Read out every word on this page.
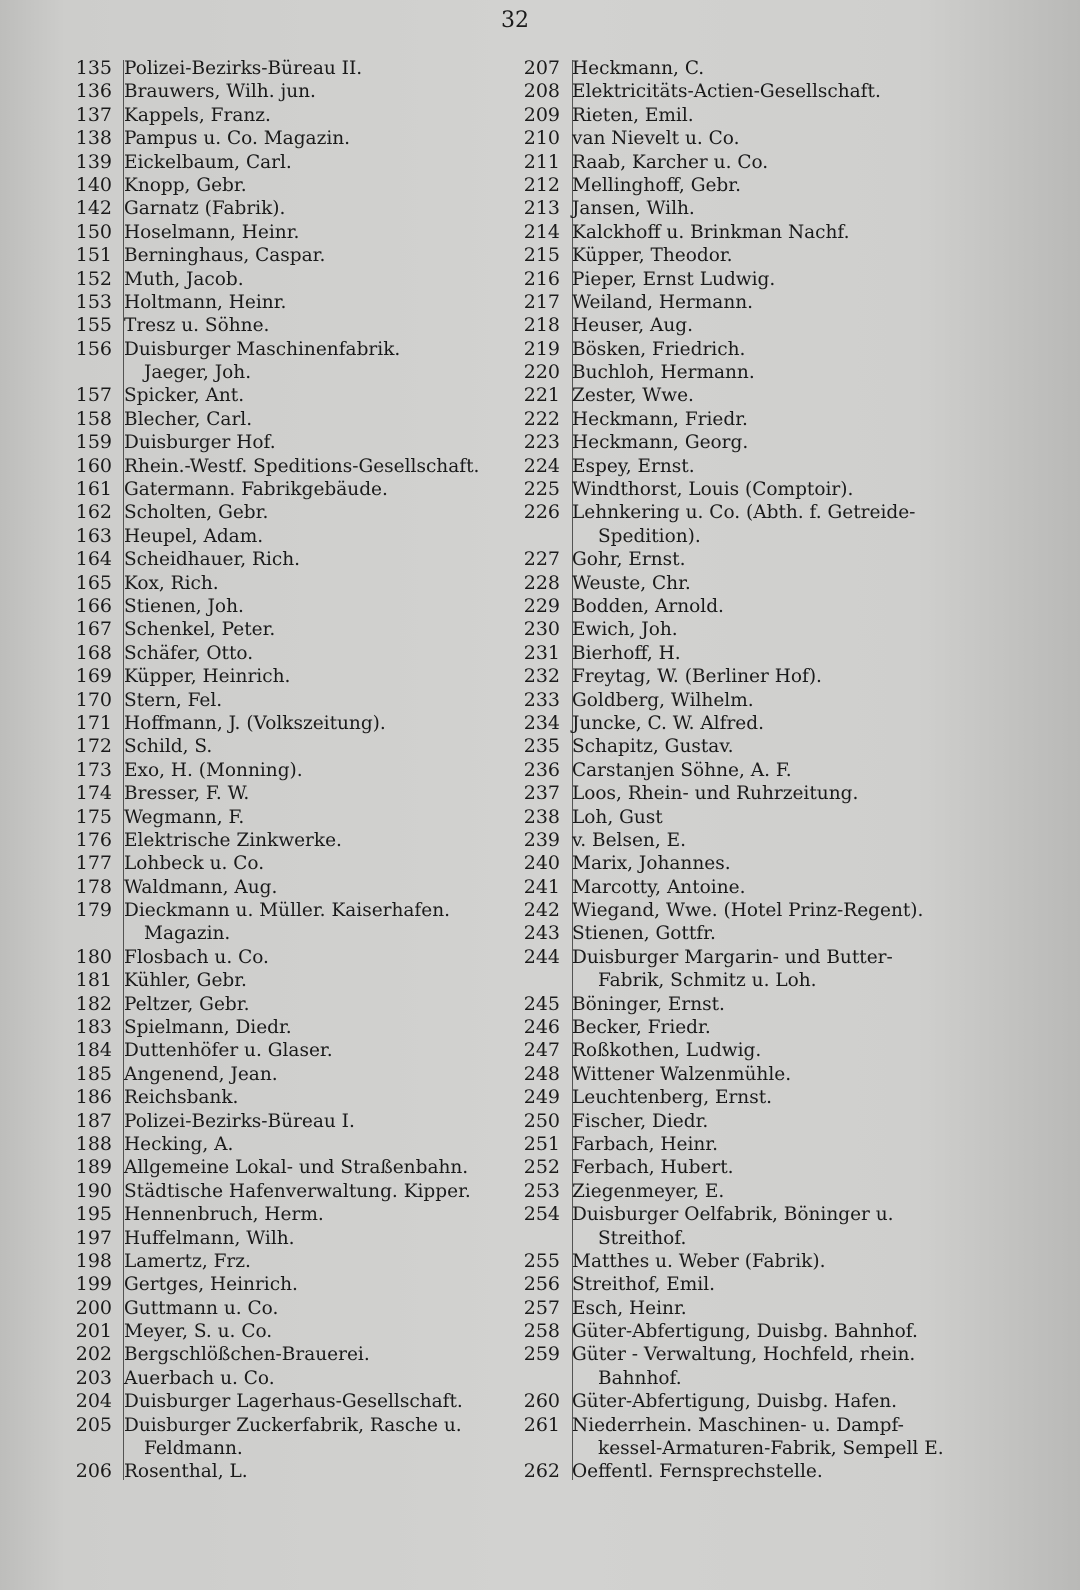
32
135 Polizei-Bezirks-Büreau II.
136 Brauwers, Wilh. jun.
137 Kappels, Franz.
138 Pampus u. Co. Magazin.
139 Eickelbaum, Carl.
140 Knopp, Gebr.
142 Garnatz (Fabrik).
150 Hoselmann, Heinr.
151 Berninghaus, Caspar.
152 Muth, Jacob.
153 Holtmann, Heinr.
155 Tresz u. Söhne.
156 Duisburger Maschinenfabrik.
Jaeger, Joh.
157 Spicker, Ant.
158 Blecher, Carl.
159 Duisburger Hof.
160 Rhein.-Westf. Speditions-Gesellschaft.
161 Gatermann. Fabrikgebäude.
162 Scholten, Gebr.
163 Heupel, Adam.
164 Scheidhauer, Rich.
165 Kox, Rich.
166 Stienen, Joh.
167 Schenkel, Peter.
168 Schäfer, Otto.
169 Küpper, Heinrich.
170 Stern, Fel.
171 Hoffmann, J. (Volkszeitung).
172 Schild, S.
173 Exo, H. (Monning).
174 Bresser, F. W.
175 Wegmann, F.
176 Elektrische Zinkwerke.
177 Lohbeck u. Co.
178 Waldmann, Aug.
179 Dieckmann u. Müller. Kaiserhafen.
Magazin.
180 Flosbach u. Co.
181 Kühler, Gebr.
182 Peltzer, Gebr.
183 Spielmann, Diedr.
184 Duttenhöfer u. Glaser.
185 Angenend, Jean.
186 Reichsbank.
187 Polizei-Bezirks-Büreau I.
188 Hecking, A.
189 Allgemeine Lokal- und Straßenbahn.
190 Städtische Hafenverwaltung. Kipper.
195 Hennenbruch, Herm.
197 Huffelmann, Wilh.
198 Lamertz, Frz.
199 Gertges, Heinrich.
200 Guttmann u. Co.
201 Meyer, S. u. Co.
202 Bergschlößchen-Brauerei.
203 Auerbach u. Co.
204 Duisburger Lagerhaus-Gesellschaft.
205 Duisburger Zuckerfabrik, Rasche u.
Feldmann.
206 Rosenthal, L.
207 Heckmann, C.
208 Elektricitäts-Actien-Gesellschaft.
209 Rieten, Emil.
210 van Nievelt u. Co.
211 Raab, Karcher u. Co.
212 Mellinghoff, Gebr.
213 Jansen, Wilh.
214 Kalckhoff u. Brinkman Nachf.
215 Küpper, Theodor.
216 Pieper, Ernst Ludwig.
217 Weiland, Hermann.
218 Heuser, Aug.
219 Bösken, Friedrich.
220 Buchloh, Hermann.
221 Zester, Wwe.
222 Heckmann, Friedr.
223 Heckmann, Georg.
224 Espey, Ernst.
225 Windthorst, Louis (Comptoir).
226 Lehnkering u. Co. (Abth. f. Getreide-
Spedition).
227 Gohr, Ernst.
228 Weuste, Chr.
229 Bodden, Arnold.
230 Ewich, Joh.
231 Bierhoff, H.
232 Freytag, W. (Berliner Hof).
233 Goldberg, Wilhelm.
234 Juncke, C. W. Alfred.
235 Schapitz, Gustav.
236 Carstanjen Söhne, A. F.
237 Loos, Rhein- und Ruhrzeitung.
238 Loh, Gust
239 v. Belsen, E.
240 Marix, Johannes.
241 Marcotty, Antoine.
242 Wiegand, Wwe. (Hotel Prinz-Regent).
243 Stienen, Gottfr.
244 Duisburger Margarin- und Butter-
Fabrik, Schmitz u. Loh.
245 Böninger, Ernst.
246 Becker, Friedr.
247 Roßkothen, Ludwig.
248 Wittener Walzenmühle.
249 Leuchtenberg, Ernst.
250 Fischer, Diedr.
251 Farbach, Heinr.
252 Ferbach, Hubert.
253 Ziegenmeyer, E.
254 Duisburger Oelfabrik, Böninger u.
Streithof.
255 Matthes u. Weber (Fabrik).
256 Streithof, Emil.
257 Esch, Heinr.
258 Güter-Abfertigung, Duisbg. Bahnhof.
259 Güter - Verwaltung, Hochfeld, rhein.
Bahnhof.
260 Güter-Abfertigung, Duisbg. Hafen.
261 Niederrhein. Maschinen- u. Dampf-
kessel-Armaturen-Fabrik, Sempell E.
262 Oeffentl. Fernsprechstelle.
